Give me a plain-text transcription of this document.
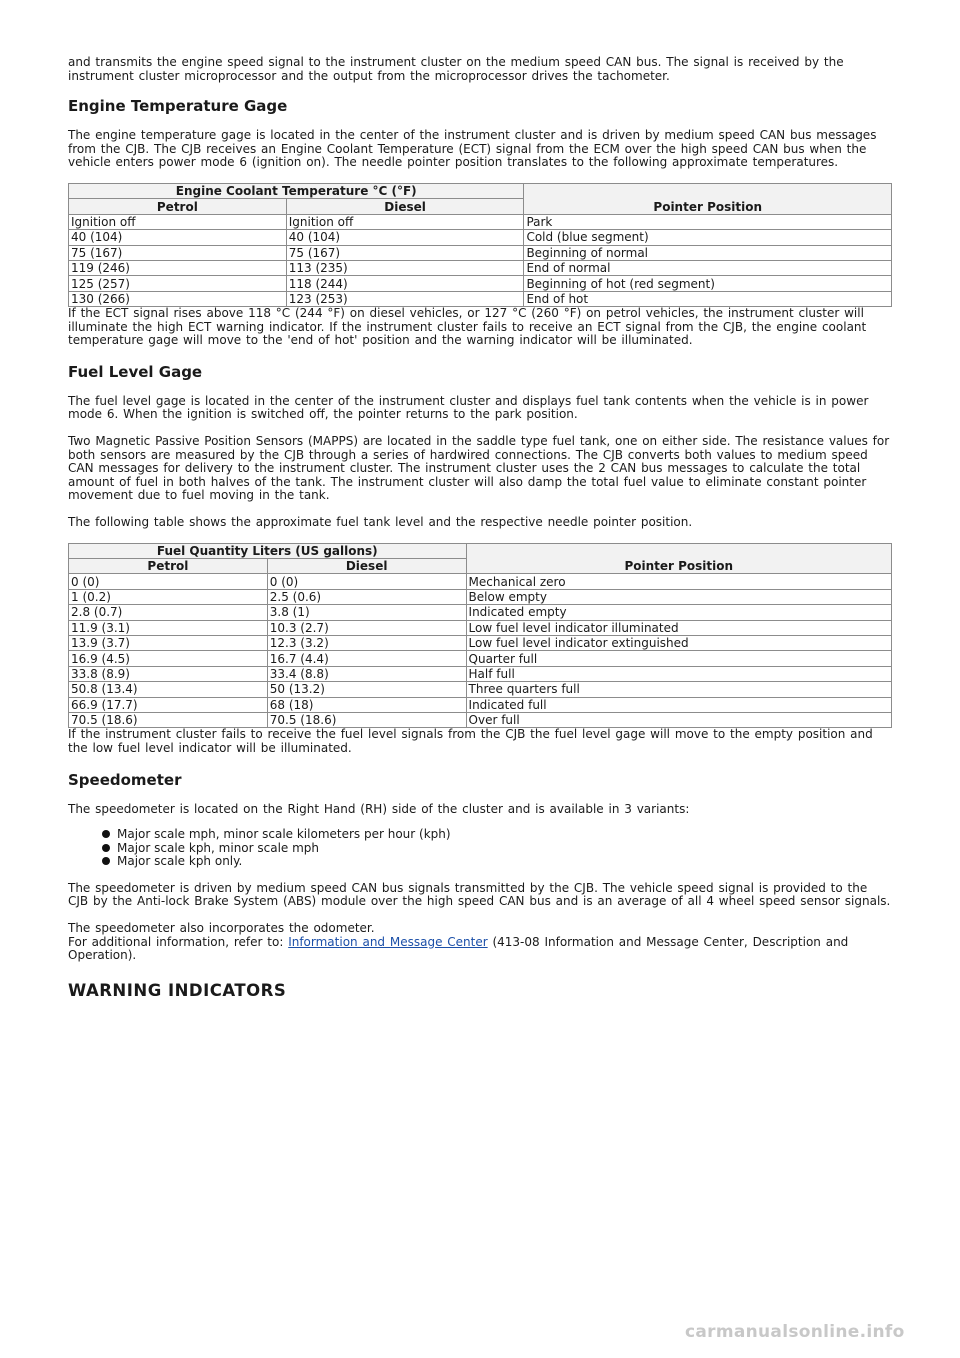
and transmits the engine speed signal to the instrument cluster on the medium speed CAN bus. The signal is received by the instrument cluster microprocessor and the output from the microprocessor drives the tachometer.

Engine Temperature Gage

The engine temperature gage is located in the center of the instrument cluster and is driven by medium speed CAN bus messages from the CJB. The CJB receives an Engine Coolant Temperature (ECT) signal from the ECM over the high speed CAN bus when the vehicle enters power mode 6 (ignition on). The needle pointer position translates to the following approximate temperatures.

Engine Coolant Temperature °C (°F)		Pointer Position
Petrol	Diesel	
Ignition off	Ignition off	Park
40 (104)	40 (104)	Cold (blue segment)
75 (167)	75 (167)	Beginning of normal
119 (246)	113 (235)	End of normal
125 (257)	118 (244)	Beginning of hot (red segment)
130 (266)	123 (253)	End of hot

If the ECT signal rises above 118 °C (244 °F) on diesel vehicles, or 127 °C (260 °F) on petrol vehicles, the instrument cluster will illuminate the high ECT warning indicator. If the instrument cluster fails to receive an ECT signal from the CJB, the engine coolant temperature gage will move to the 'end of hot' position and the warning indicator will be illuminated.

Fuel Level Gage

The fuel level gage is located in the center of the instrument cluster and displays fuel tank contents when the vehicle is in power mode 6. When the ignition is switched off, the pointer returns to the park position.

Two Magnetic Passive Position Sensors (MAPPS) are located in the saddle type fuel tank, one on either side. The resistance values for both sensors are measured by the CJB through a series of hardwired connections. The CJB converts both values to medium speed CAN messages for delivery to the instrument cluster. The instrument cluster uses the 2 CAN bus messages to calculate the total amount of fuel in both halves of the tank. The instrument cluster will also damp the total fuel value to eliminate constant pointer movement due to fuel moving in the tank.

The following table shows the approximate fuel tank level and the respective needle pointer position.

Fuel Quantity Liters (US gallons)		Pointer Position
Petrol	Diesel	
0 (0)	0 (0)	Mechanical zero
1 (0.2)	2.5 (0.6)	Below empty
2.8 (0.7)	3.8 (1)	Indicated empty
11.9 (3.1)	10.3 (2.7)	Low fuel level indicator illuminated
13.9 (3.7)	12.3 (3.2)	Low fuel level indicator extinguished
16.9 (4.5)	16.7 (4.4)	Quarter full
33.8 (8.9)	33.4 (8.8)	Half full
50.8 (13.4)	50 (13.2)	Three quarters full
66.9 (17.7)	68 (18)	Indicated full
70.5 (18.6)	70.5 (18.6)	Over full

If the instrument cluster fails to receive the fuel level signals from the CJB the fuel level gage will move to the empty position and the low fuel level indicator will be illuminated.

Speedometer

The speedometer is located on the Right Hand (RH) side of the cluster and is available in 3 variants:

Major scale mph, minor scale kilometers per hour (kph)
Major scale kph, minor scale mph
Major scale kph only.

The speedometer is driven by medium speed CAN bus signals transmitted by the CJB. The vehicle speed signal is provided to the CJB by the Anti-lock Brake System (ABS) module over the high speed CAN bus and is an average of all 4 wheel speed sensor signals.

The speedometer also incorporates the odometer.

For additional information, refer to: Information and Message Center (413-08 Information and Message Center, Description and Operation).

WARNING INDICATORS
carmanualsonline.info
